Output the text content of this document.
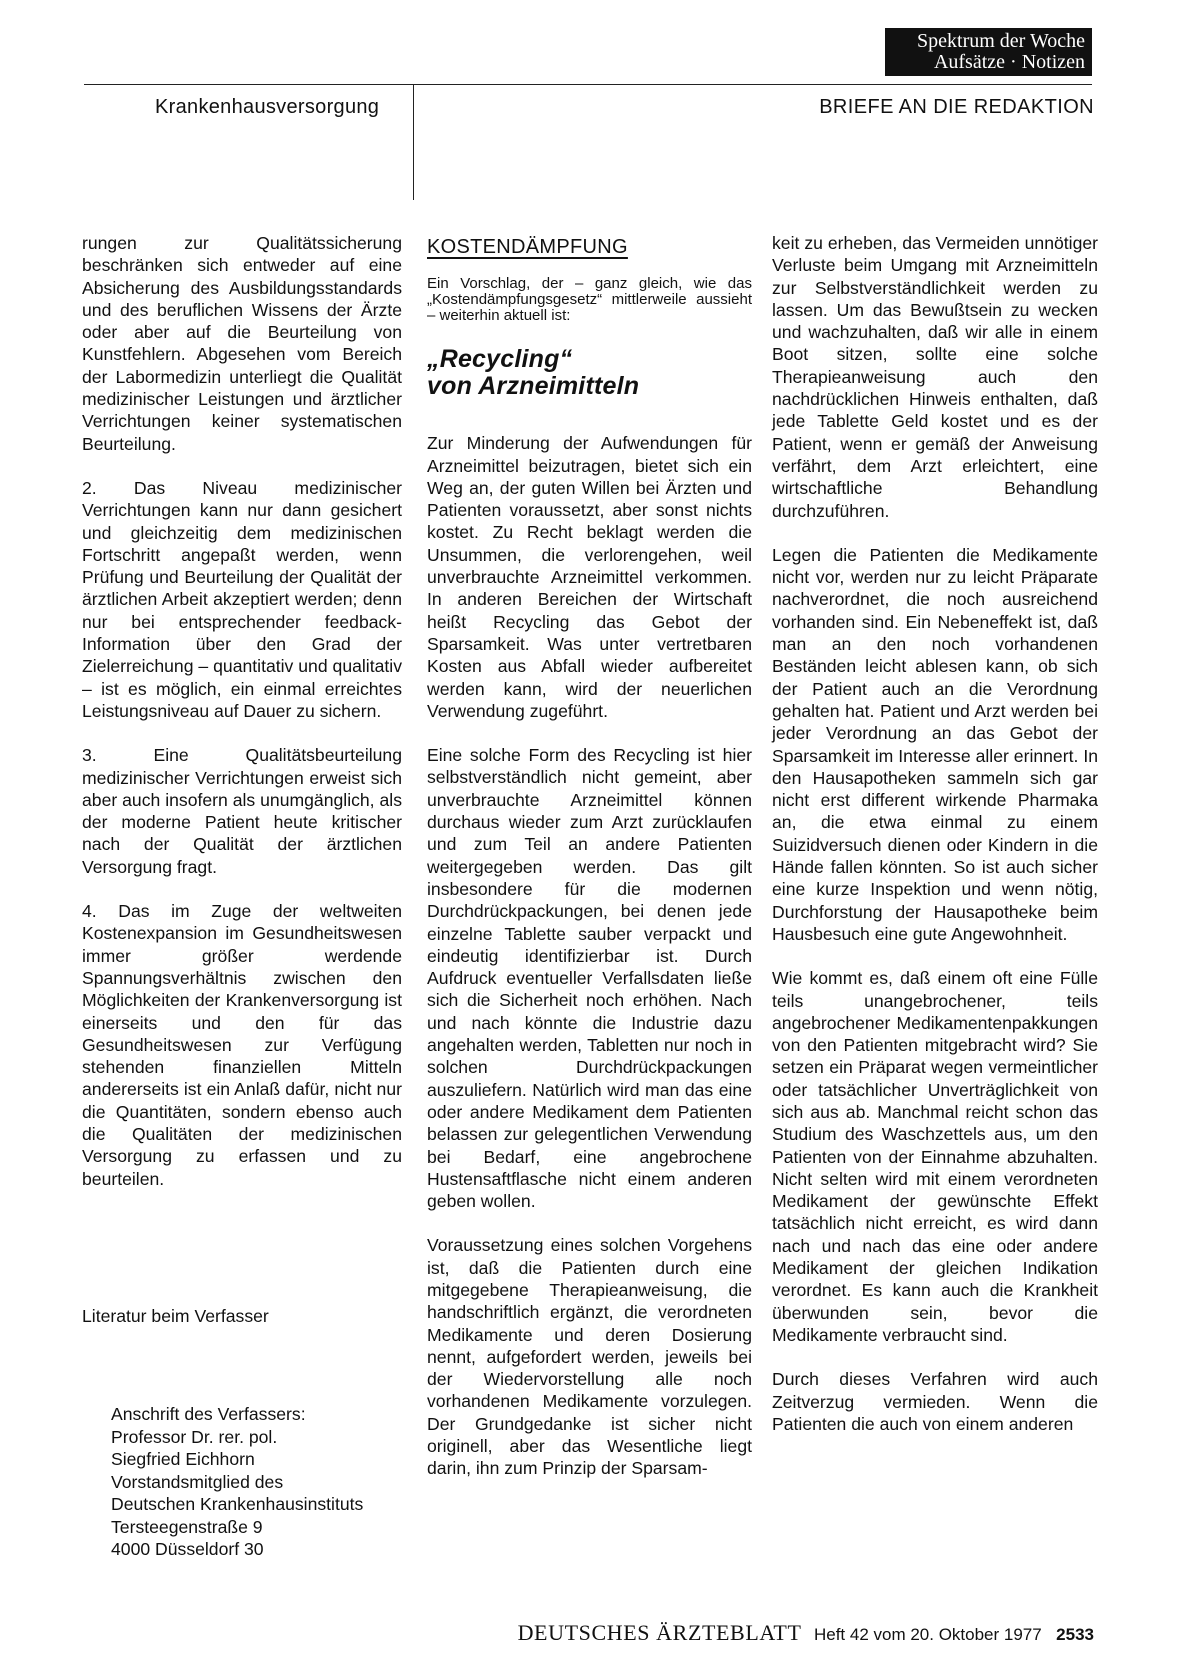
Spektrum der Woche
Aufsätze · Notizen
Krankenhausversorgung	BRIEFE AN DIE REDAKTION

rungen zur Qualitätssicherung beschränken sich entweder auf eine Absicherung des Ausbildungsstandards und des beruflichen Wissens der Ärzte oder aber auf die Beurteilung von Kunstfehlern. Abgesehen vom Bereich der Labormedizin unterliegt die Qualität medizinischer Leistungen und ärztlicher Verrichtungen keiner systematischen Beurteilung.

2. Das Niveau medizinischer Verrichtungen kann nur dann gesichert und gleichzeitig dem medizinischen Fortschritt angepaßt werden, wenn Prüfung und Beurteilung der Qualität der ärztlichen Arbeit akzeptiert werden; denn nur bei entsprechender feedback-Information über den Grad der Zielerreichung – quantitativ und qualitativ – ist es möglich, ein einmal erreichtes Leistungsniveau auf Dauer zu sichern.

3. Eine Qualitätsbeurteilung medizinischer Verrichtungen erweist sich aber auch insofern als unumgänglich, als der moderne Patient heute kritischer nach der Qualität der ärztlichen Versorgung fragt.

4. Das im Zuge der weltweiten Kostenexpansion im Gesundheitswesen immer größer werdende Spannungsverhältnis zwischen den Möglichkeiten der Krankenversorgung ist einerseits und den für das Gesundheitswesen zur Verfügung stehenden finanziellen Mitteln andererseits ist ein Anlaß dafür, nicht nur die Quantitäten, sondern ebenso auch die Qualitäten der medizinischen Versorgung zu erfassen und zu beurteilen.

Literatur beim Verfasser
Anschrift des Verfassers:
Professor Dr. rer. pol.
Siegfried Eichhorn
Vorstandsmitglied des
Deutschen Krankenhausinstituts
Tersteegenstraße 9
4000 Düsseldorf 30
KOSTENDÄMPFUNG
Ein Vorschlag, der – ganz gleich, wie das „Kostendämpfungsgesetz“ mittlerweile aussieht – weiterhin aktuell ist:
„Recycling“
von Arzneimitteln

Zur Minderung der Aufwendungen für Arzneimittel beizutragen, bietet sich ein Weg an, der guten Willen bei Ärzten und Patienten voraussetzt, aber sonst nichts kostet. Zu Recht beklagt werden die Unsummen, die verlorengehen, weil unverbrauchte Arzneimittel verkommen. In anderen Bereichen der Wirtschaft heißt Recycling das Gebot der Sparsamkeit. Was unter vertretbaren Kosten aus Abfall wieder aufbereitet werden kann, wird der neuerlichen Verwendung zugeführt.

Eine solche Form des Recycling ist hier selbstverständlich nicht gemeint, aber unverbrauchte Arzneimittel können durchaus wieder zum Arzt zurücklaufen und zum Teil an andere Patienten weitergegeben werden. Das gilt insbesondere für die modernen Durchdrückpackungen, bei denen jede einzelne Tablette sauber verpackt und eindeutig identifizierbar ist. Durch Aufdruck eventueller Verfallsdaten ließe sich die Sicherheit noch erhöhen. Nach und nach könnte die Industrie dazu angehalten werden, Tabletten nur noch in solchen Durchdrückpackungen auszuliefern. Natürlich wird man das eine oder andere Medikament dem Patienten belassen zur gelegentlichen Verwendung bei Bedarf, eine angebrochene Hustensaftflasche nicht einem anderen geben wollen.

Voraussetzung eines solchen Vorgehens ist, daß die Patienten durch eine mitgegebene Therapieanweisung, die handschriftlich ergänzt, die verordneten Medikamente und deren Dosierung nennt, aufgefordert werden, jeweils bei der Wiedervorstellung alle noch vorhandenen Medikamente vorzulegen. Der Grundgedanke ist sicher nicht originell, aber das Wesentliche liegt darin, ihn zum Prinzip der Sparsam-

keit zu erheben, das Vermeiden unnötiger Verluste beim Umgang mit Arzneimitteln zur Selbstverständlichkeit werden zu lassen. Um das Bewußtsein zu wecken und wachzuhalten, daß wir alle in einem Boot sitzen, sollte eine solche Therapieanweisung auch den nachdrücklichen Hinweis enthalten, daß jede Tablette Geld kostet und es der Patient, wenn er gemäß der Anweisung verfährt, dem Arzt erleichtert, eine wirtschaftliche Behandlung durchzuführen.

Legen die Patienten die Medikamente nicht vor, werden nur zu leicht Präparate nachverordnet, die noch ausreichend vorhanden sind. Ein Nebeneffekt ist, daß man an den noch vorhandenen Beständen leicht ablesen kann, ob sich der Patient auch an die Verordnung gehalten hat. Patient und Arzt werden bei jeder Verordnung an das Gebot der Sparsamkeit im Interesse aller erinnert. In den Hausapotheken sammeln sich gar nicht erst different wirkende Pharmaka an, die etwa einmal zu einem Suizidversuch dienen oder Kindern in die Hände fallen könnten. So ist auch sicher eine kurze Inspektion und wenn nötig, Durchforstung der Hausapotheke beim Hausbesuch eine gute Angewohnheit.

Wie kommt es, daß einem oft eine Fülle teils unangebrochener, teils angebrochener Medikamentenpakkungen von den Patienten mitgebracht wird? Sie setzen ein Präparat wegen vermeintlicher oder tatsächlicher Unverträglichkeit von sich aus ab. Manchmal reicht schon das Studium des Waschzettels aus, um den Patienten von der Einnahme abzuhalten. Nicht selten wird mit einem verordneten Medikament der gewünschte Effekt tatsächlich nicht erreicht, es wird dann nach und nach das eine oder andere Medikament der gleichen Indikation verordnet. Es kann auch die Krankheit überwunden sein, bevor die Medikamente verbraucht sind.

Durch dieses Verfahren wird auch Zeitverzug vermieden. Wenn die Patienten die auch von einem anderen

DEUTSCHES ÄRZTEBLATT Heft 42 vom 20. Oktober 1977 2533
